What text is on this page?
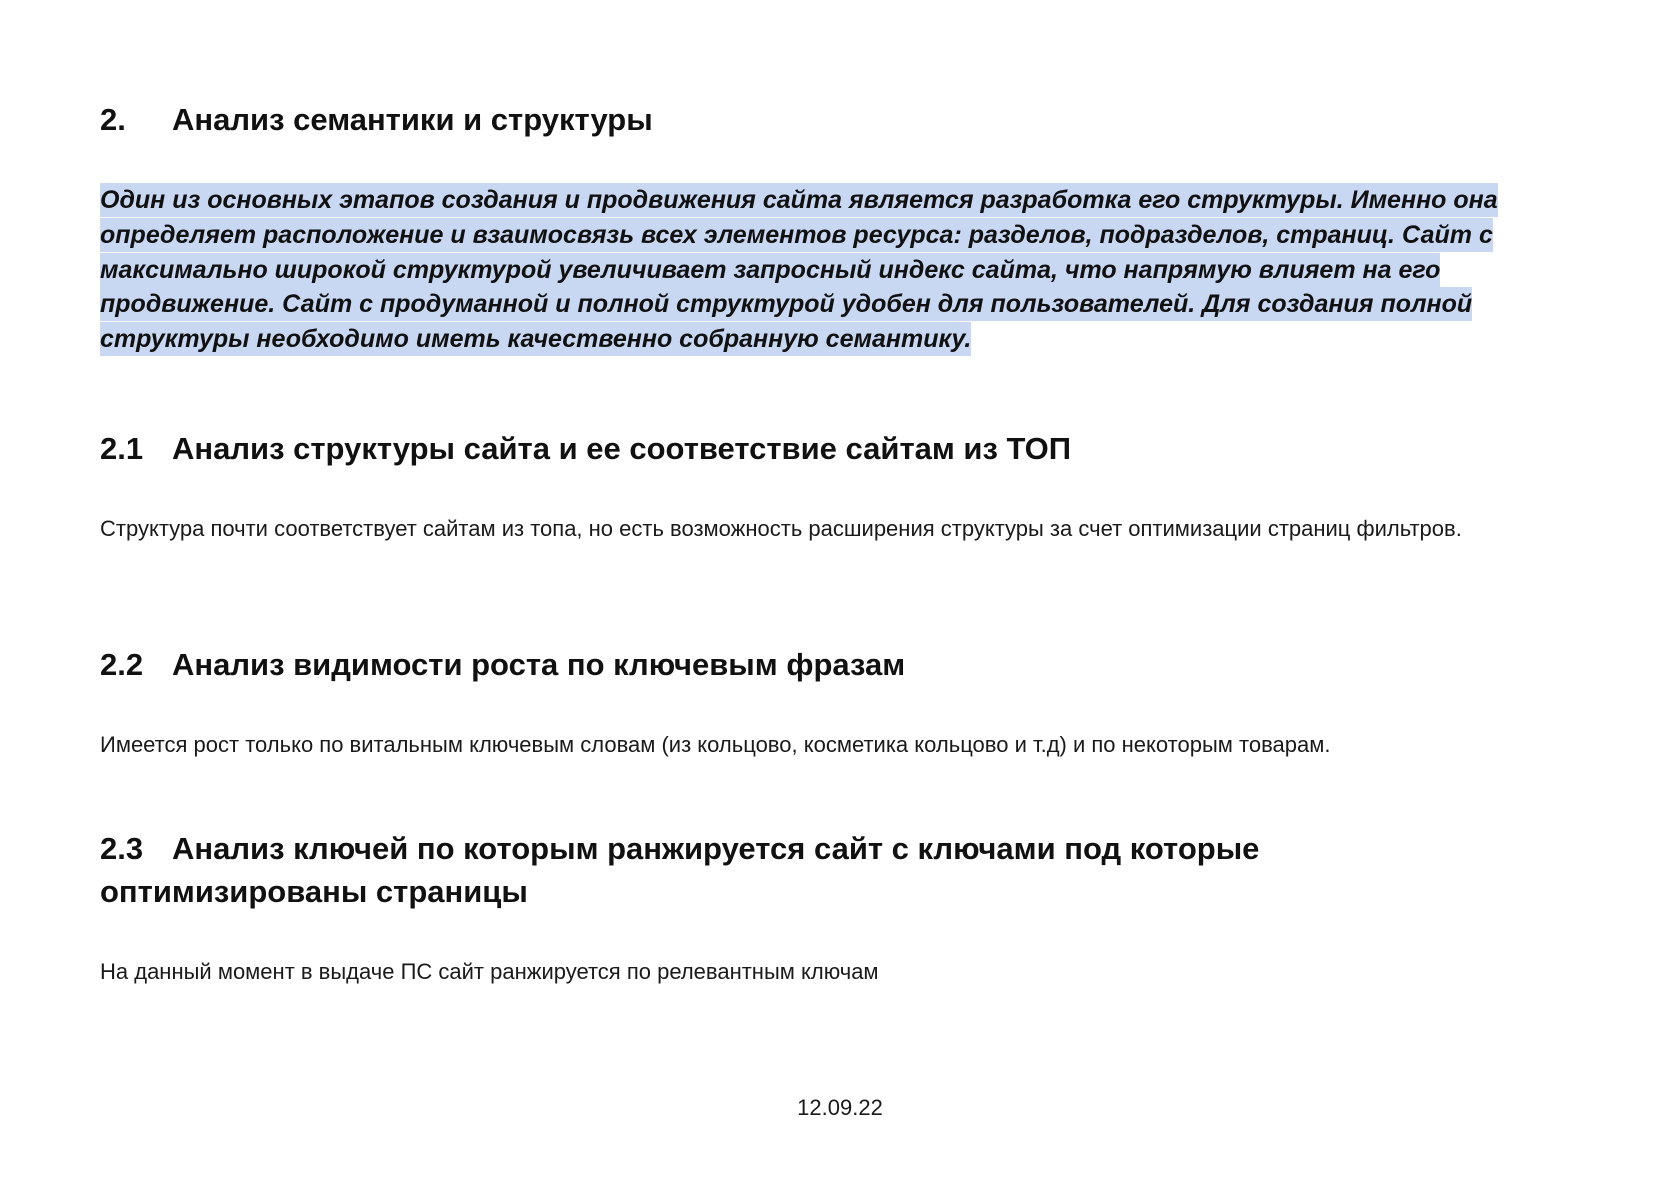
2.	Анализ семантики и структуры

Один из основных этапов создания и продвижения сайта является разработка его структуры. Именно она определяет расположение и взаимосвязь всех элементов ресурса: разделов, подразделов, страниц. Сайт с максимально широкой структурой увеличивает запросный индекс сайта, что напрямую влияет на его продвижение. Сайт с продуманной и полной структурой удобен для пользователей. Для создания полной структуры необходимо иметь качественно собранную семантику.

2.1 Анализ структуры сайта и ее соответствие сайтам из ТОП

Структура почти соответствует сайтам из топа, но есть возможность расширения структуры за счет оптимизации страниц фильтров.

2.2 Анализ видимости роста по ключевым фразам

Имеется рост только по витальным ключевым словам (из кольцово, косметика кольцово и т.д) и по некоторым товарам.

2.3 Анализ ключей по которым ранжируется сайт с ключами под которые оптимизированы страницы

На данный момент в выдаче ПС сайт ранжируется по релевантным ключам

12.09.22
